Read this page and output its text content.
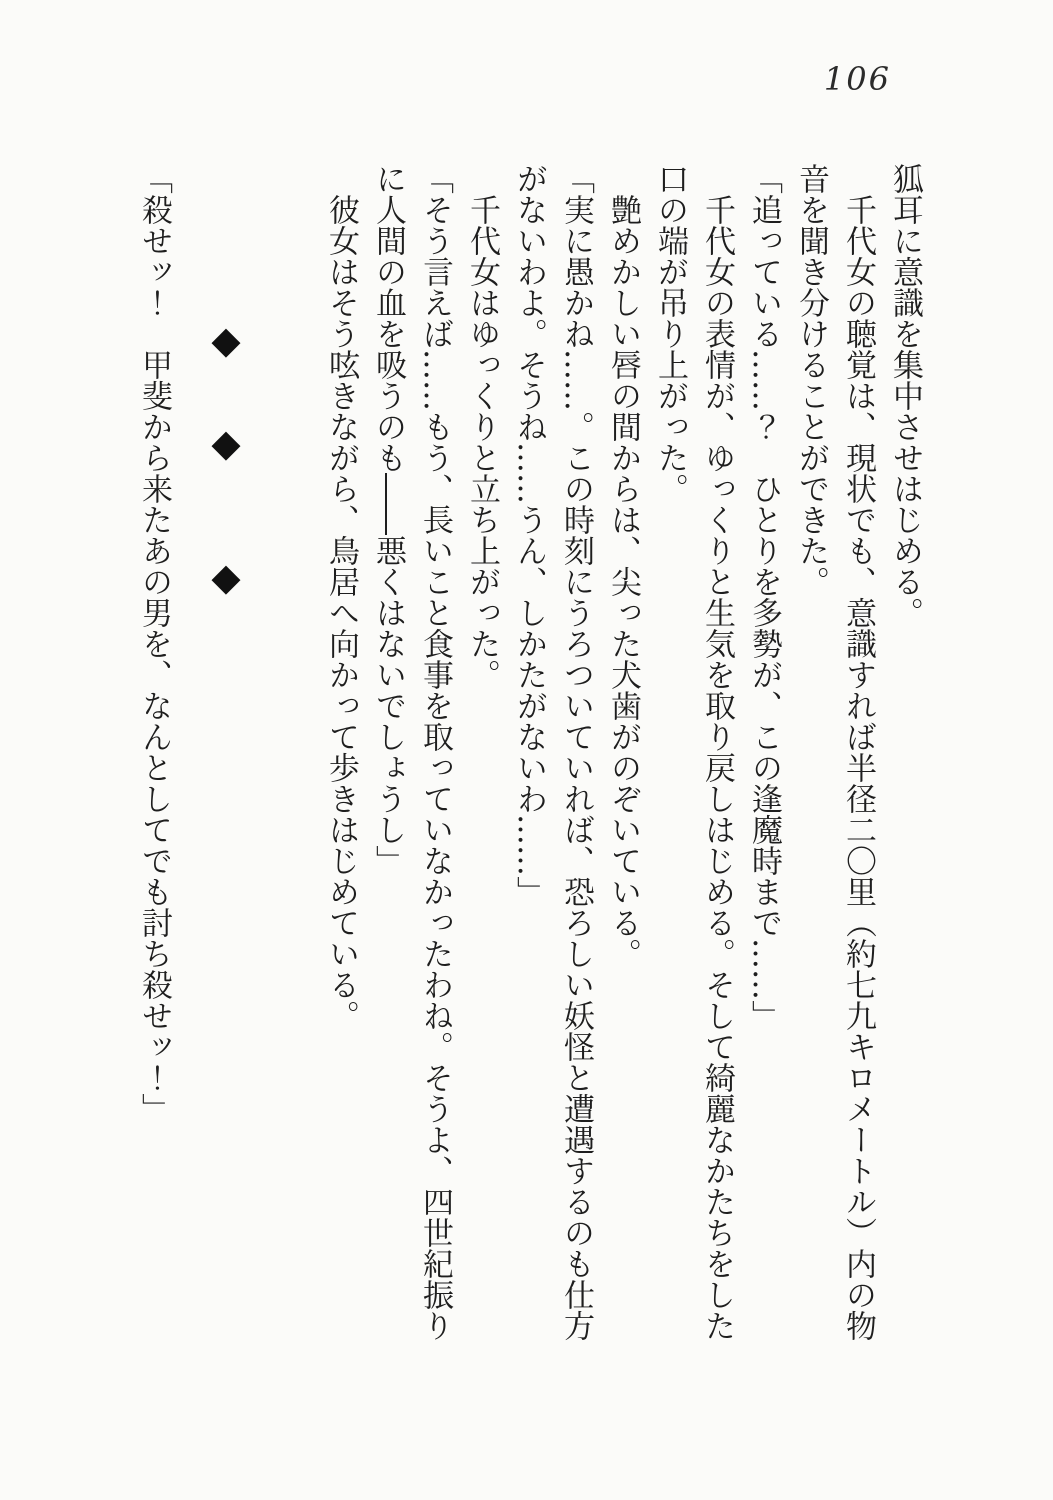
106

狐耳に意識を集中させはじめる。

　千代女の聴覚は、現状でも、意識すれば半径二〇里（約七九キロメートル）内の物

音を聞き分けることができた。

「追っている……？　ひとりを多勢が、この逢魔時まで……」

　千代女の表情が、ゆっくりと生気を取り戻しはじめる。そして綺麗なかたちをした

口の端が吊り上がった。

　艶めかしい唇の間からは、尖った犬歯がのぞいている。

「実に愚かね……。この時刻にうろついていれば、恐ろしい妖怪と遭遇するのも仕方

がないわよ。そうね……うん、しかたがないわ……」

　千代女はゆっくりと立ち上がった。

「そう言えば……もう、長いこと食事を取っていなかったわね。そうよ、四世紀振り

に人間の血を吸うのも――悪くはないでしょうし」

　彼女はそう呟きながら、鳥居へ向かって歩きはじめている。

◆◆◆

「殺せッ！　甲斐から来たあの男を、なんとしてでも討ち殺せッ！」
